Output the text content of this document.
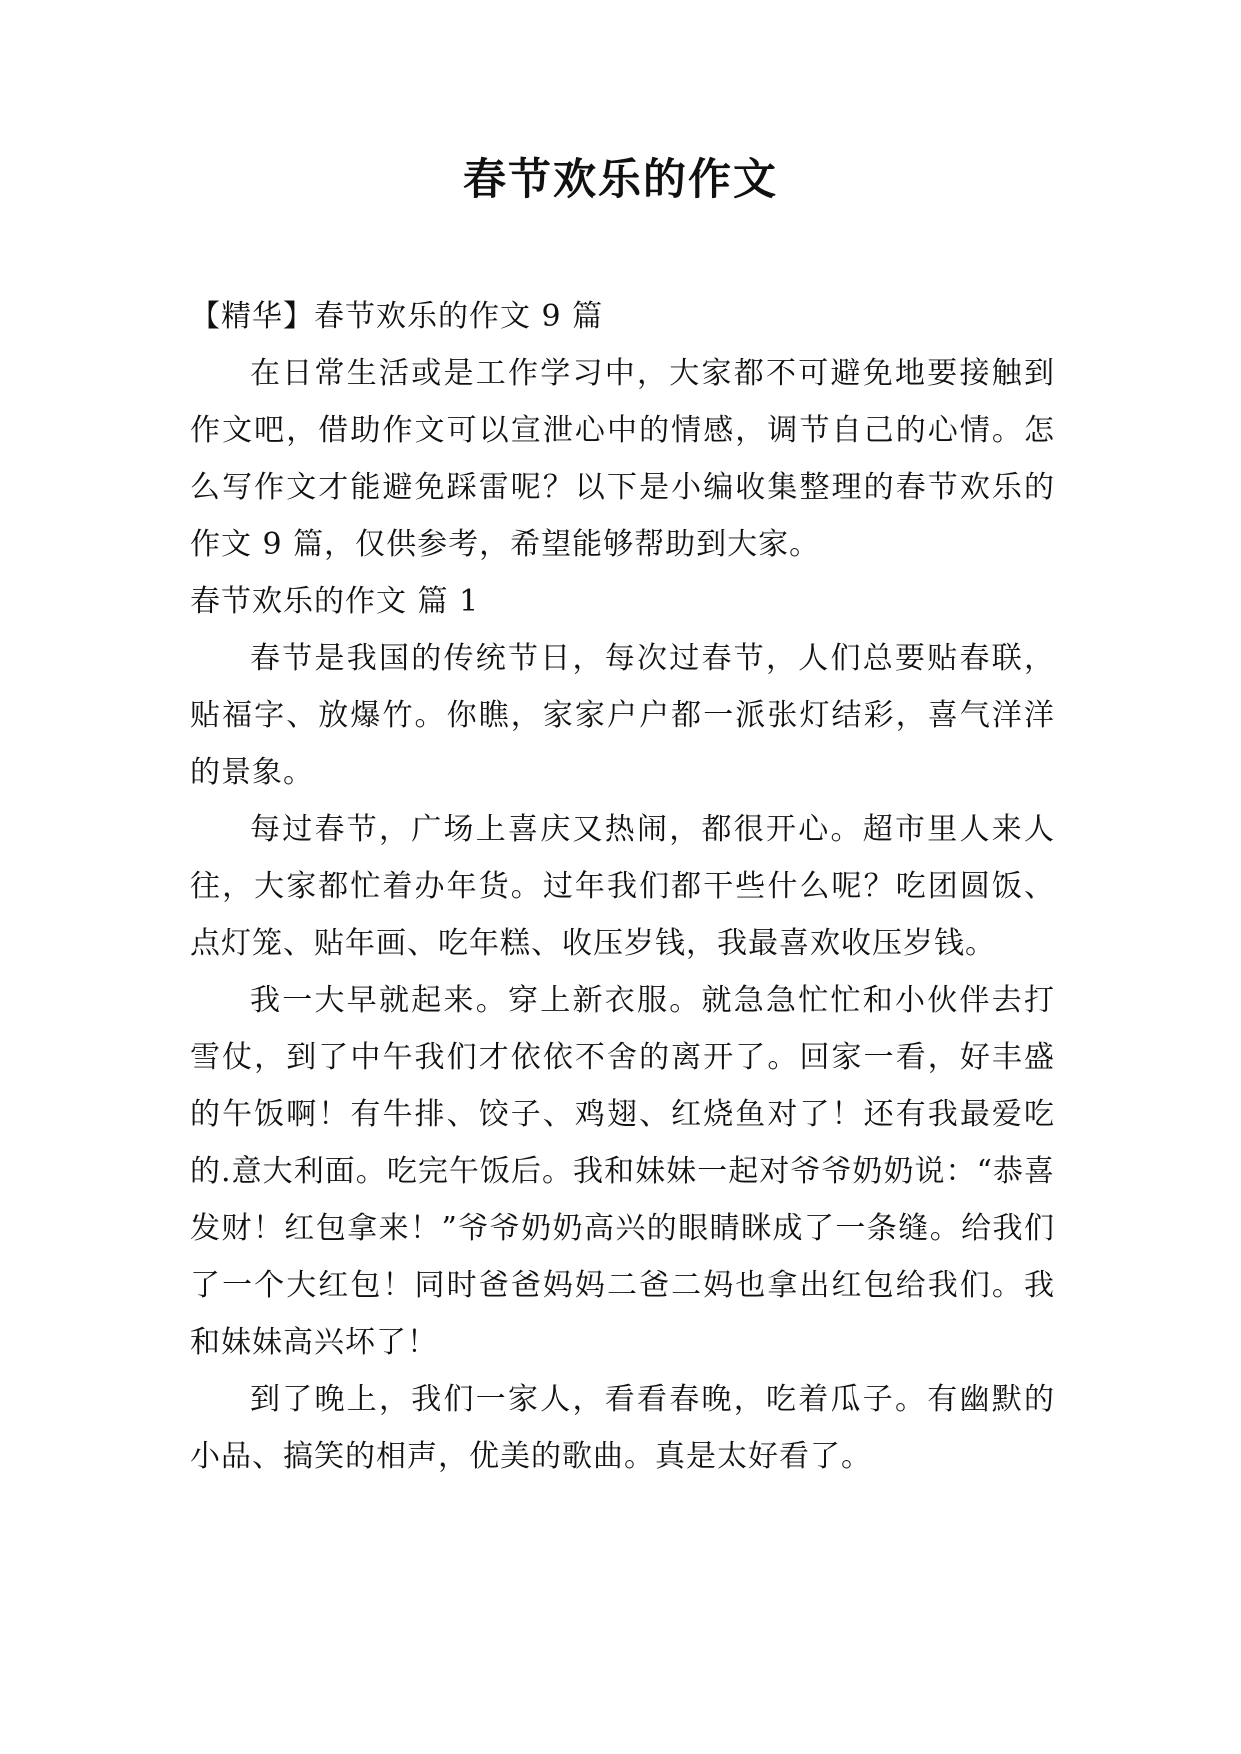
春节欢乐的作文

【精华】春节欢乐的作文 9 篇

在日常生活或是工作学习中，大家都不可避免地要接触到作文吧，借助作文可以宣泄心中的情感，调节自己的心情。怎么写作文才能避免踩雷呢？以下是小编收集整理的春节欢乐的作文 9 篇，仅供参考，希望能够帮助到大家。

春节欢乐的作文 篇 1

春节是我国的传统节日，每次过春节，人们总要贴春联，贴福字、放爆竹。你瞧，家家户户都一派张灯结彩，喜气洋洋的景象。

每过春节，广场上喜庆又热闹，都很开心。超市里人来人往，大家都忙着办年货。过年我们都干些什么呢？吃团圆饭、点灯笼、贴年画、吃年糕、收压岁钱，我最喜欢收压岁钱。

我一大早就起来。穿上新衣服。就急急忙忙和小伙伴去打雪仗，到了中午我们才依依不舍的离开了。回家一看，好丰盛的午饭啊！有牛排、饺子、鸡翅、红烧鱼对了！还有我最爱吃的.意大利面。吃完午饭后。我和妹妹一起对爷爷奶奶说：“恭喜发财！红包拿来！”爷爷奶奶高兴的眼睛眯成了一条缝。给我们了一个大红包！同时爸爸妈妈二爸二妈也拿出红包给我们。我和妹妹高兴坏了！

到了晚上，我们一家人，看看春晚，吃着瓜子。有幽默的小品、搞笑的相声，优美的歌曲。真是太好看了。
